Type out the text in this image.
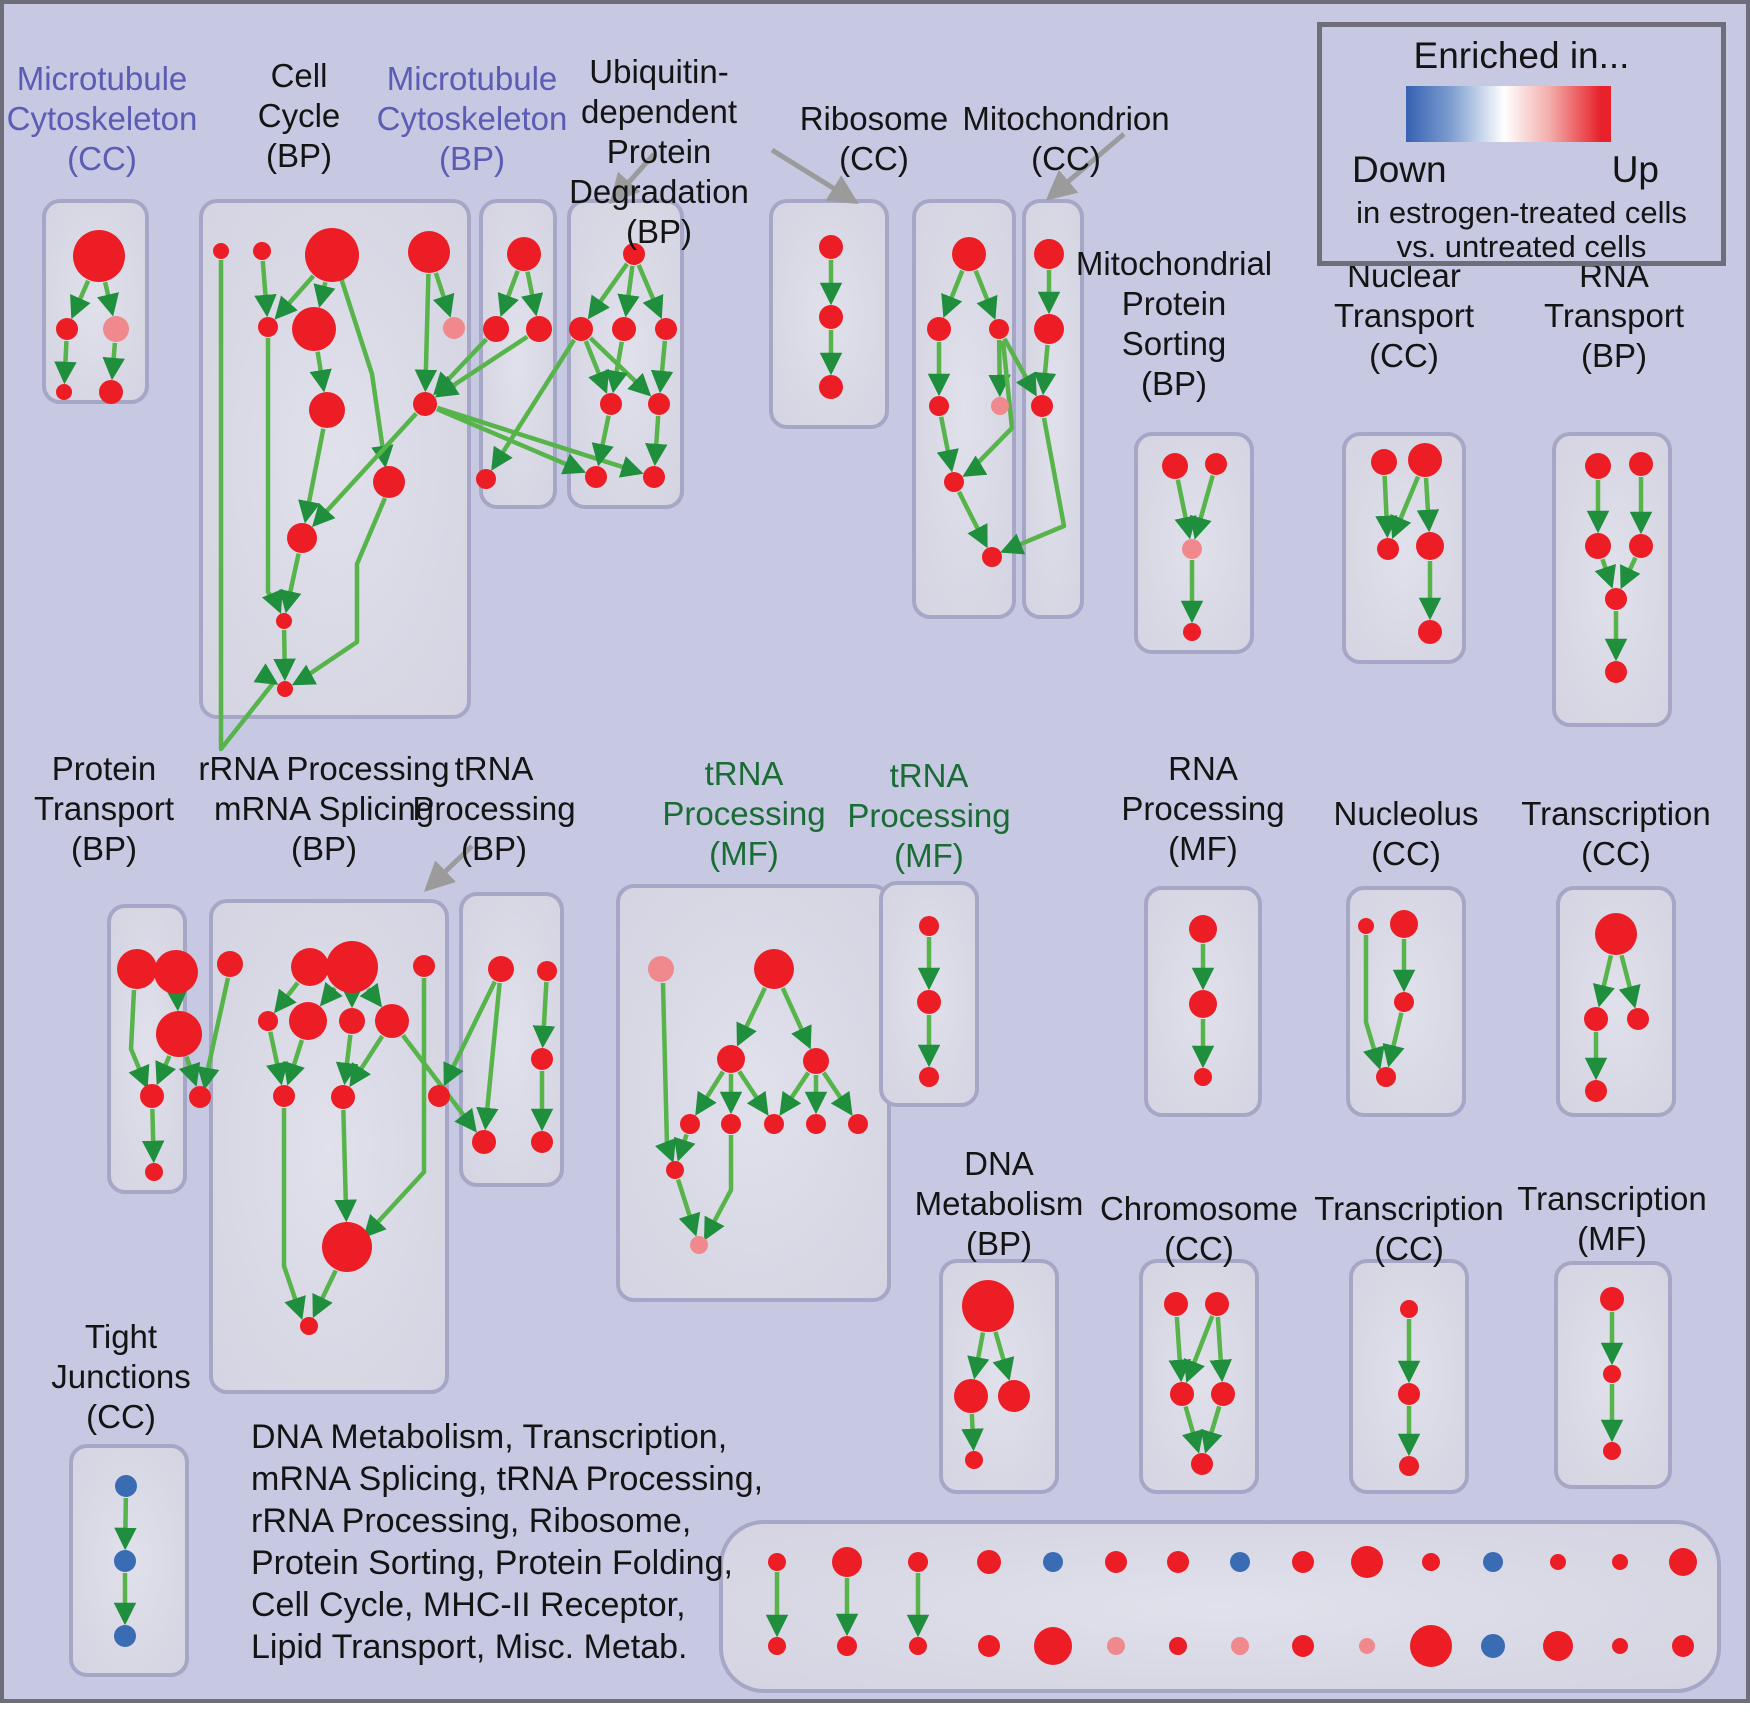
Microtubule
Cytoskeleton
(CC)
Cell
Cycle
(BP)
Microtubule
Cytoskeleton
(BP)
Ubiquitin-
dependent
Protein
Degradation
(BP)
Ribosome
(CC)
Mitochondrion
(CC)
Mitochondrial
Protein
Sorting
(BP)
Nuclear
Transport
(CC)
RNA
Transport
(BP)
Protein
Transport
(BP)
rRNA Processing
mRNA Splicing
(BP)
tRNA
Processing
(BP)
tRNA
Processing
(MF)
tRNA
Processing
(MF)
RNA
Processing
(MF)
Nucleolus
(CC)
Transcription
(CC)
DNA
Metabolism
(BP)
Chromosome
(CC)
Transcription
(CC)
Transcription
(MF)
Tight
Junctions
(CC)
Enriched in...
Down	Up
in estrogen-treated cells
vs. untreated cells
DNA Metabolism, Transcription,
mRNA Splicing, tRNA Processing,
rRNA Processing, Ribosome,
Protein Sorting, Protein Folding,
Cell Cycle, MHC-II Receptor,
Lipid Transport, Misc. Metab.
